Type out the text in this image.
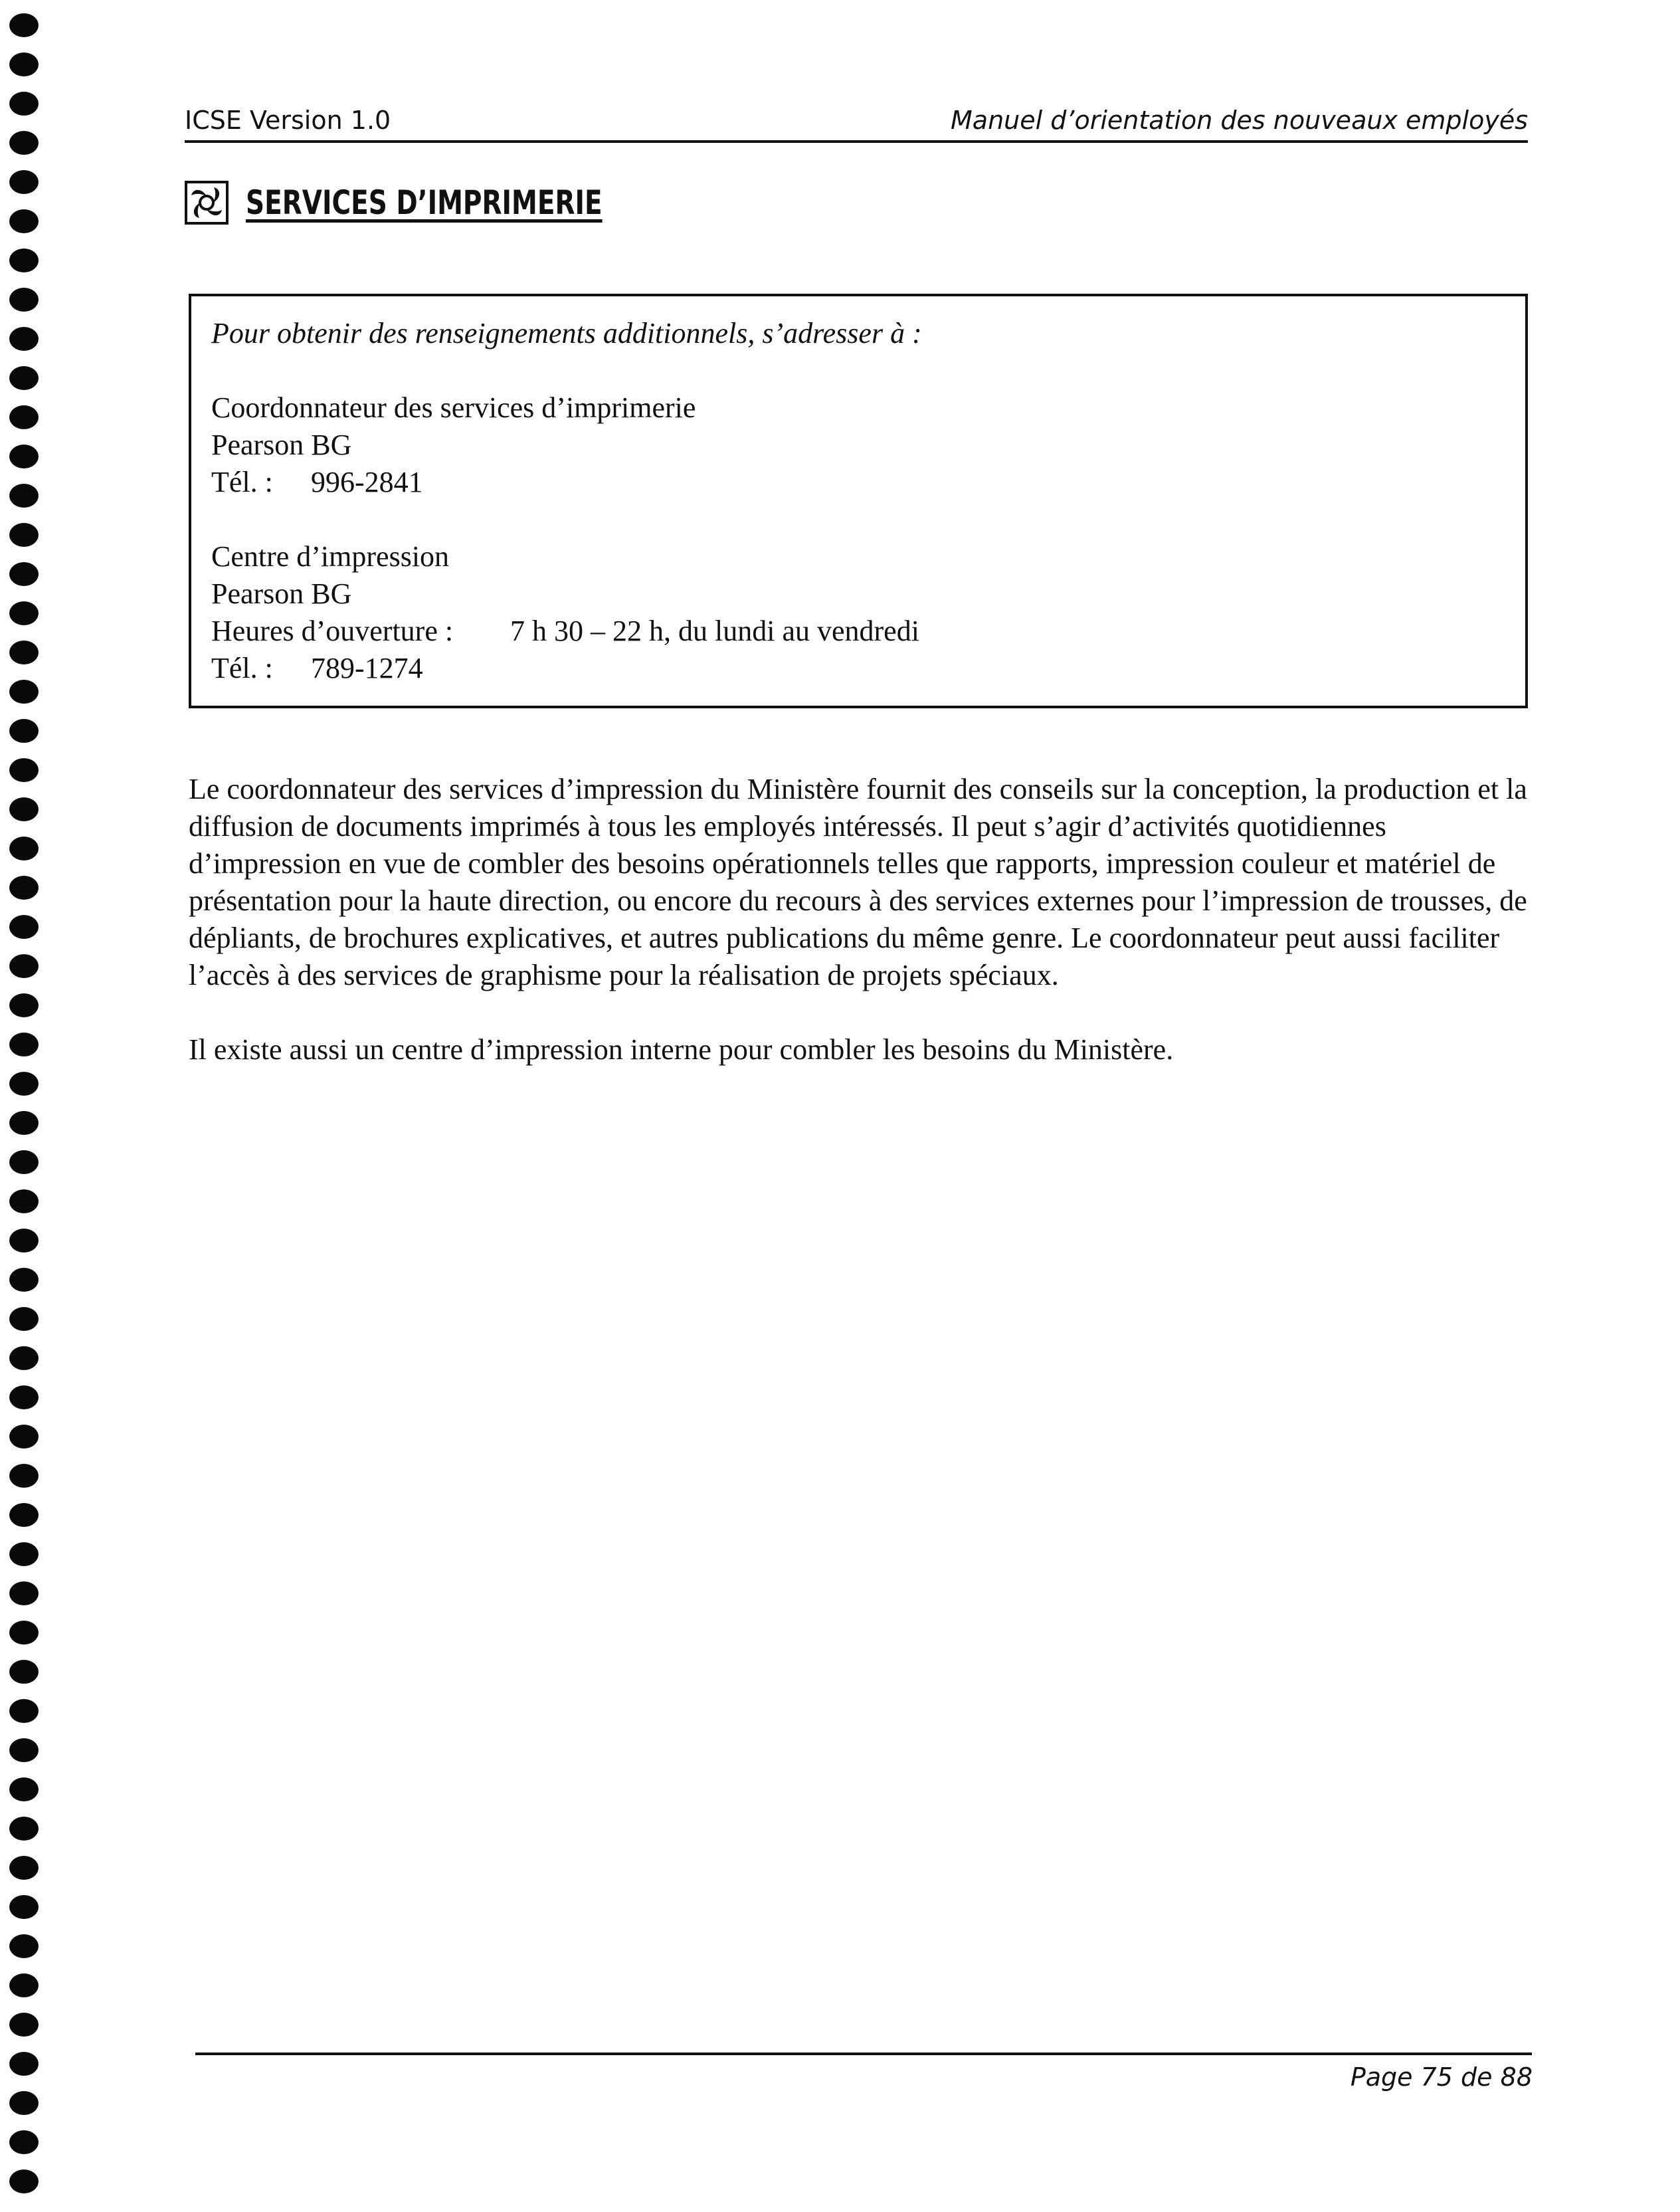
ICSE Version 1.0	Manuel d’orientation des nouveaux employés
SERVICES D’IMPRIMERIE
Pour obtenir des renseignements additionnels, s’adresser à :
Coordonnateur des services d’imprimerie
Pearson BG
Tél. :	996-2841
Centre d’impression
Pearson BG
Heures d’ouverture :	7 h 30 – 22 h, du lundi au vendredi
Tél. :	789-1274

Le coordonnateur des services d’impression du Ministère fournit des conseils sur la conception, la production et la diffusion de documents imprimés à tous les employés intéressés. Il peut s’agir d’activités quotidiennes d’impression en vue de combler des besoins opérationnels telles que rapports, impression couleur et matériel de présentation pour la haute direction, ou encore du recours à des services externes pour l’impression de trousses, de dépliants, de brochures explicatives, et autres publications du même genre. Le coordonnateur peut aussi faciliter l’accès à des services de graphisme pour la réalisation de projets spéciaux.

Il existe aussi un centre d’impression interne pour combler les besoins du Ministère.

Page 75 de 88
